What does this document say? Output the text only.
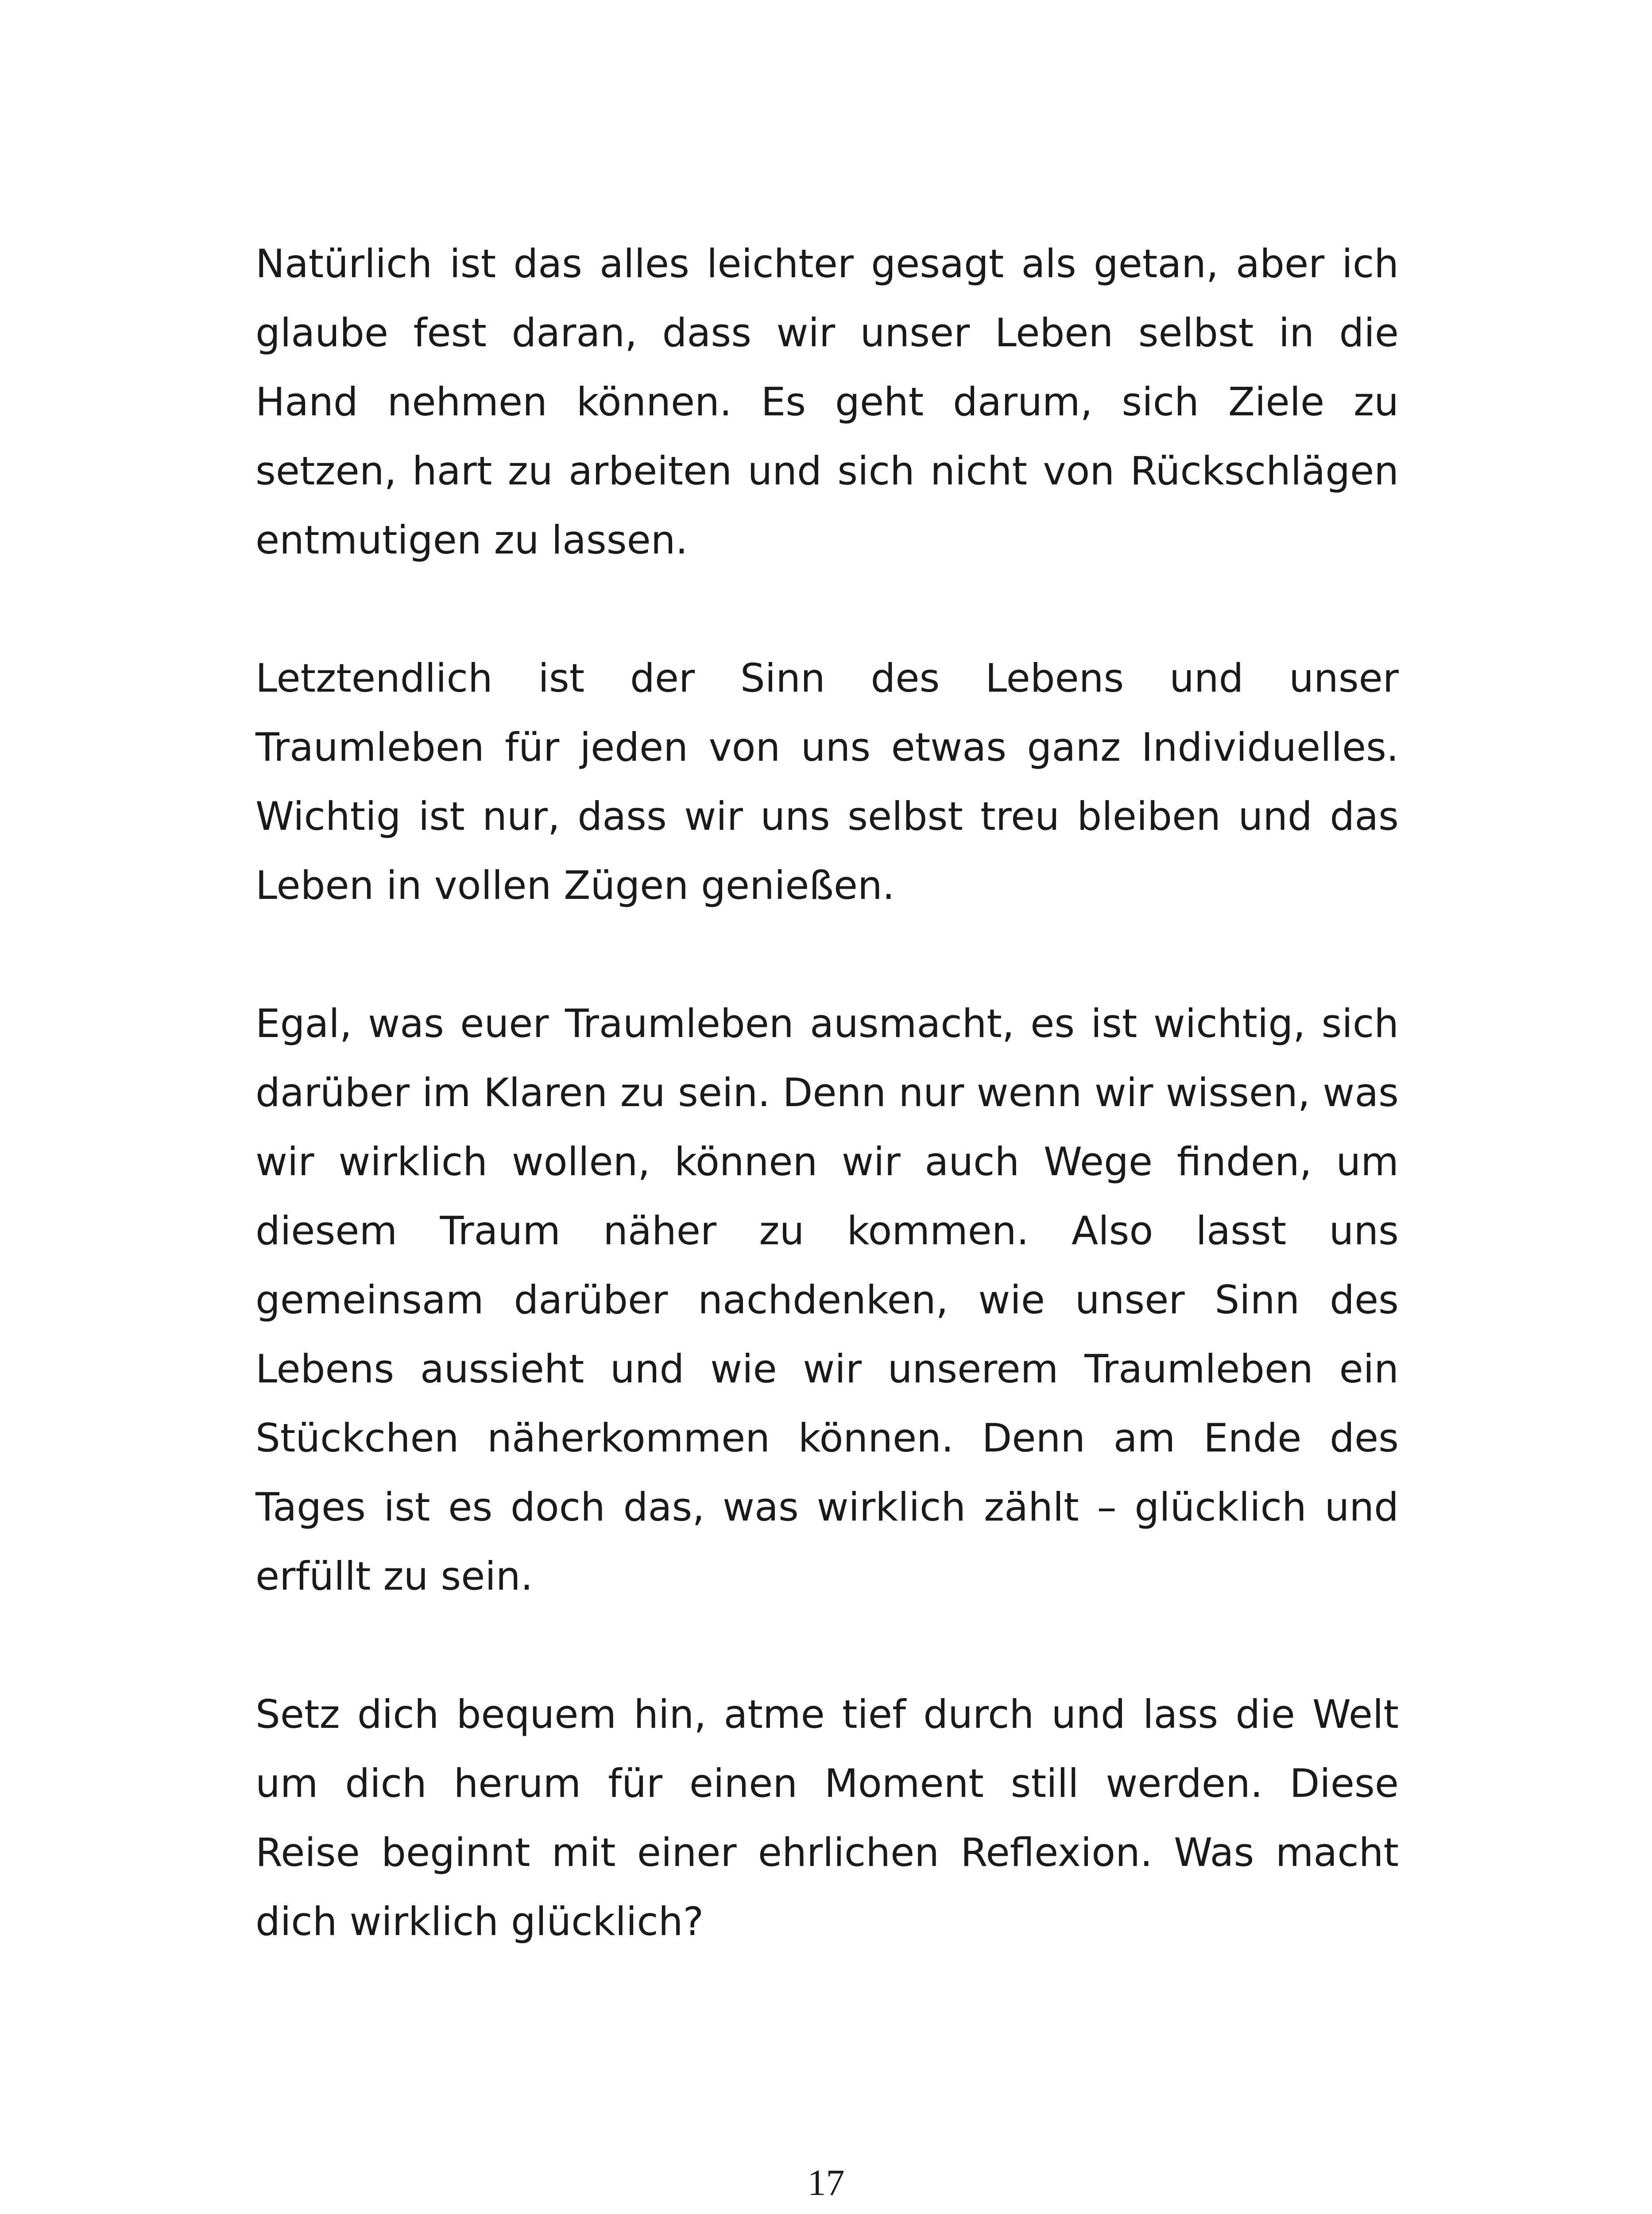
Natürlich ist das alles leichter gesagt als getan, aber ich glaube fest daran, dass wir unser Leben selbst in die Hand nehmen können. Es geht darum, sich Ziele zu setzen, hart zu arbeiten und sich nicht von Rückschlägen entmutigen zu lassen.

Letztendlich ist der Sinn des Lebens und unser Traumleben für jeden von uns etwas ganz Individuelles. Wichtig ist nur, dass wir uns selbst treu bleiben und das Leben in vollen Zügen genießen.

Egal, was euer Traumleben ausmacht, es ist wichtig, sich darüber im Klaren zu sein. Denn nur wenn wir wissen, was wir wirklich wollen, können wir auch Wege finden, um diesem Traum näher zu kommen. Also lasst uns gemeinsam darüber nachdenken, wie unser Sinn des Lebens aussieht und wie wir unserem Traumleben ein Stückchen näherkommen können. Denn am Ende des Tages ist es doch das, was wirklich zählt – glücklich und erfüllt zu sein.

Setz dich bequem hin, atme tief durch und lass die Welt um dich herum für einen Moment still werden. Diese Reise beginnt mit einer ehrlichen Reflexion. Was macht dich wirklich glücklich?

17
